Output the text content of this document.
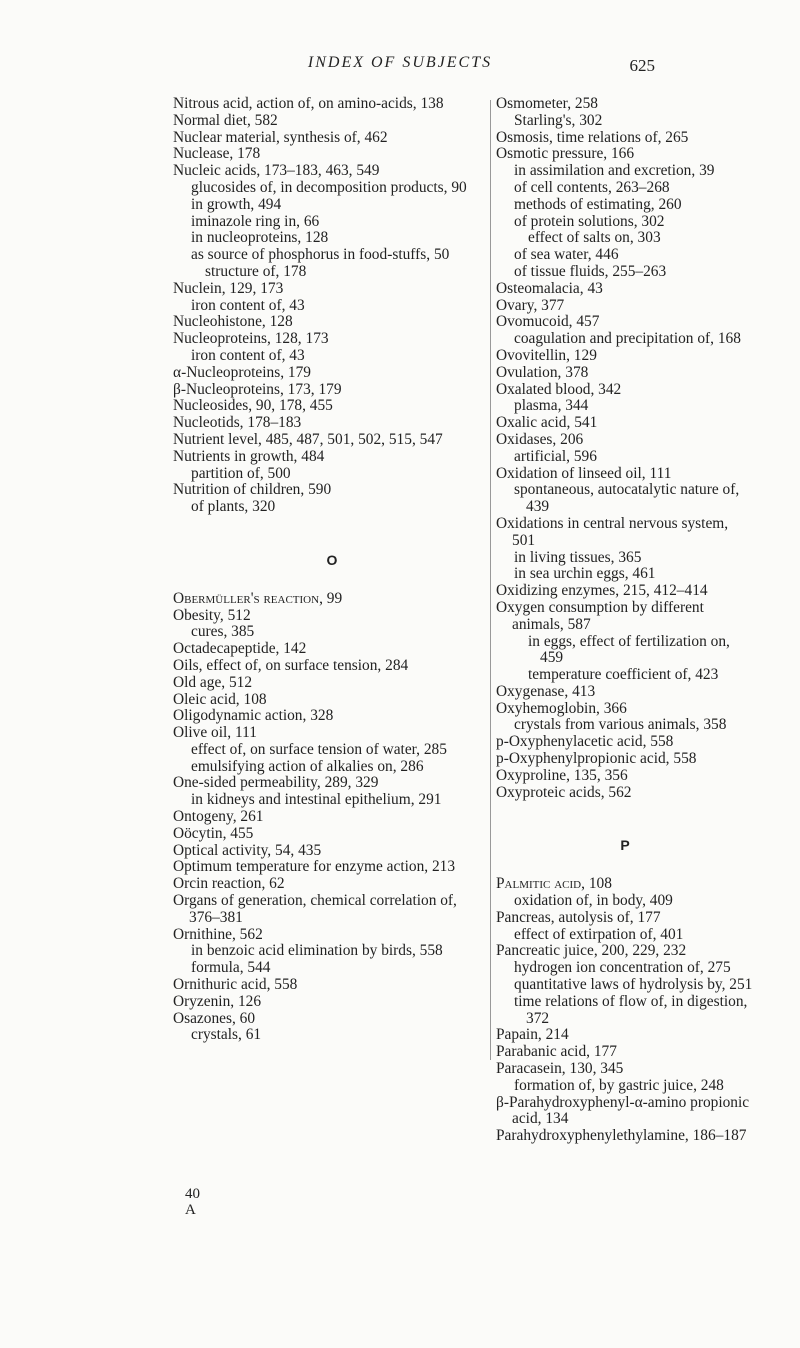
INDEX OF SUBJECTS	625
Nitrous acid, action of, on amino-acids, 138
Normal diet, 582
Nuclear material, synthesis of, 462
Nuclease, 178
Nucleic acids, 173–183, 463, 549
glucosides of, in decomposition products, 90
in growth, 494
iminazole ring in, 66
in nucleoproteins, 128
as source of phosphorus in food-stuffs, 50
structure of, 178
Nuclein, 129, 173
iron content of, 43
Nucleohistone, 128
Nucleoproteins, 128, 173
iron content of, 43
α-Nucleoproteins, 179
β-Nucleoproteins, 173, 179
Nucleosides, 90, 178, 455
Nucleotids, 178–183
Nutrient level, 485, 487, 501, 502, 515, 547
Nutrients in growth, 484
partition of, 500
Nutrition of children, 590
of plants, 320
O
Obermüller's reaction, 99
Obesity, 512
cures, 385
Octadecapeptide, 142
Oils, effect of, on surface tension, 284
Old age, 512
Oleic acid, 108
Oligodynamic action, 328
Olive oil, 111
effect of, on surface tension of water, 285
emulsifying action of alkalies on, 286
One-sided permeability, 289, 329
in kidneys and intestinal epithelium, 291
Ontogeny, 261
Oöcytin, 455
Optical activity, 54, 435
Optimum temperature for enzyme action, 213
Orcin reaction, 62
Organs of generation, chemical correlation of, 376–381
Ornithine, 562
in benzoic acid elimination by birds, 558
formula, 544
Ornithuric acid, 558
Oryzenin, 126
Osazones, 60
crystals, 61
Osmometer, 258
Starling's, 302
Osmosis, time relations of, 265
Osmotic pressure, 166
in assimilation and excretion, 39
of cell contents, 263–268
methods of estimating, 260
of protein solutions, 302
effect of salts on, 303
of sea water, 446
of tissue fluids, 255–263
Osteomalacia, 43
Ovary, 377
Ovomucoid, 457
coagulation and precipitation of, 168
Ovovitellin, 129
Ovulation, 378
Oxalated blood, 342
plasma, 344
Oxalic acid, 541
Oxidases, 206
artificial, 596
Oxidation of linseed oil, 111
spontaneous, autocatalytic nature of, 439
Oxidations in central nervous system, 501
in living tissues, 365
in sea urchin eggs, 461
Oxidizing enzymes, 215, 412–414
Oxygen consumption by different animals, 587
in eggs, effect of fertilization on, 459
temperature coefficient of, 423
Oxygenase, 413
Oxyhemoglobin, 366
crystals from various animals, 358
p-Oxyphenylacetic acid, 558
p-Oxyphenylpropionic acid, 558
Oxyproline, 135, 356
Oxyproteic acids, 562
P
Palmitic acid, 108
oxidation of, in body, 409
Pancreas, autolysis of, 177
effect of extirpation of, 401
Pancreatic juice, 200, 229, 232
hydrogen ion concentration of, 275
quantitative laws of hydrolysis by, 251
time relations of flow of, in digestion, 372
Papain, 214
Parabanic acid, 177
Paracasein, 130, 345
formation of, by gastric juice, 248
β-Parahydroxyphenyl-α-amino propionic acid, 134
Parahydroxyphenylethylamine, 186–187
40
A
